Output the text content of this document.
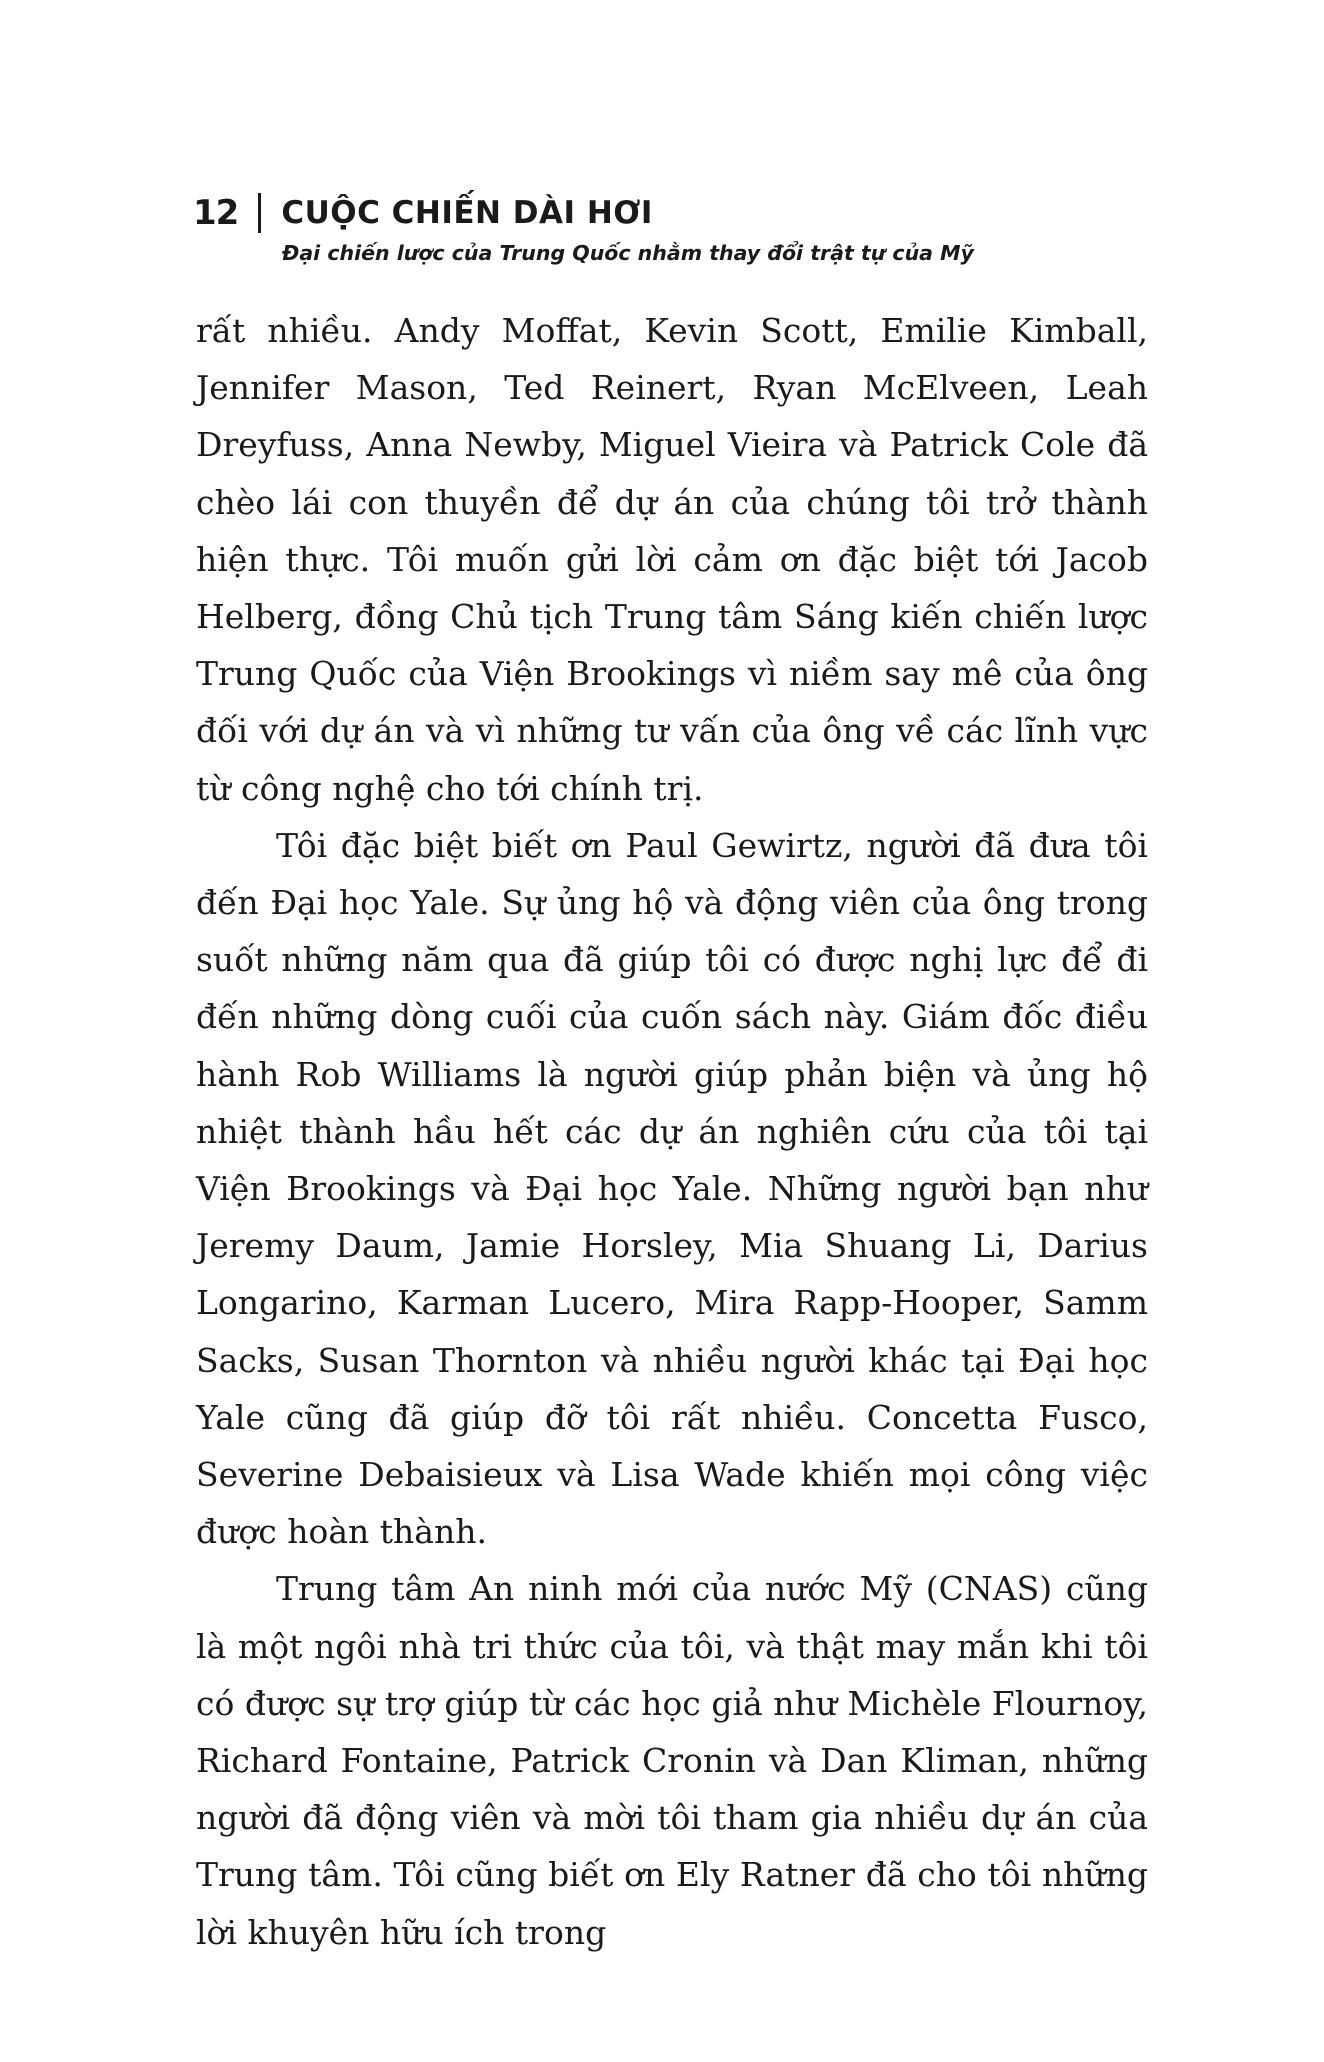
12 CUỘC CHIẾN DÀI HƠI
Đại chiến lược của Trung Quốc nhằm thay đổi trật tự của Mỹ

rất nhiều. Andy Moffat, Kevin Scott, Emilie Kimball, Jennifer Mason, Ted Reinert, Ryan McElveen, Leah Dreyfuss, Anna Newby, Miguel Vieira và Patrick Cole đã chèo lái con thuyền để dự án của chúng tôi trở thành hiện thực. Tôi muốn gửi lời cảm ơn đặc biệt tới Jacob Helberg, đồng Chủ tịch Trung tâm Sáng kiến chiến lược Trung Quốc của Viện Brookings vì niềm say mê của ông đối với dự án và vì những tư vấn của ông về các lĩnh vực từ công nghệ cho tới chính trị.

Tôi đặc biệt biết ơn Paul Gewirtz, người đã đưa tôi đến Đại học Yale. Sự ủng hộ và động viên của ông trong suốt những năm qua đã giúp tôi có được nghị lực để đi đến những dòng cuối của cuốn sách này. Giám đốc điều hành Rob Williams là người giúp phản biện và ủng hộ nhiệt thành hầu hết các dự án nghiên cứu của tôi tại Viện Brookings và Đại học Yale. Những người bạn như Jeremy Daum, Jamie Horsley, Mia Shuang Li, Darius Longarino, Karman Lucero, Mira Rapp-Hooper, Samm Sacks, Susan Thornton và nhiều người khác tại Đại học Yale cũng đã giúp đỡ tôi rất nhiều. Concetta Fusco, Severine Debaisieux và Lisa Wade khiến mọi công việc được hoàn thành.

Trung tâm An ninh mới của nước Mỹ (CNAS) cũng là một ngôi nhà tri thức của tôi, và thật may mắn khi tôi có được sự trợ giúp từ các học giả như Michèle Flournoy, Richard Fontaine, Patrick Cronin và Dan Kliman, những người đã động viên và mời tôi tham gia nhiều dự án của Trung tâm. Tôi cũng biết ơn Ely Ratner đã cho tôi những lời khuyên hữu ích trong
